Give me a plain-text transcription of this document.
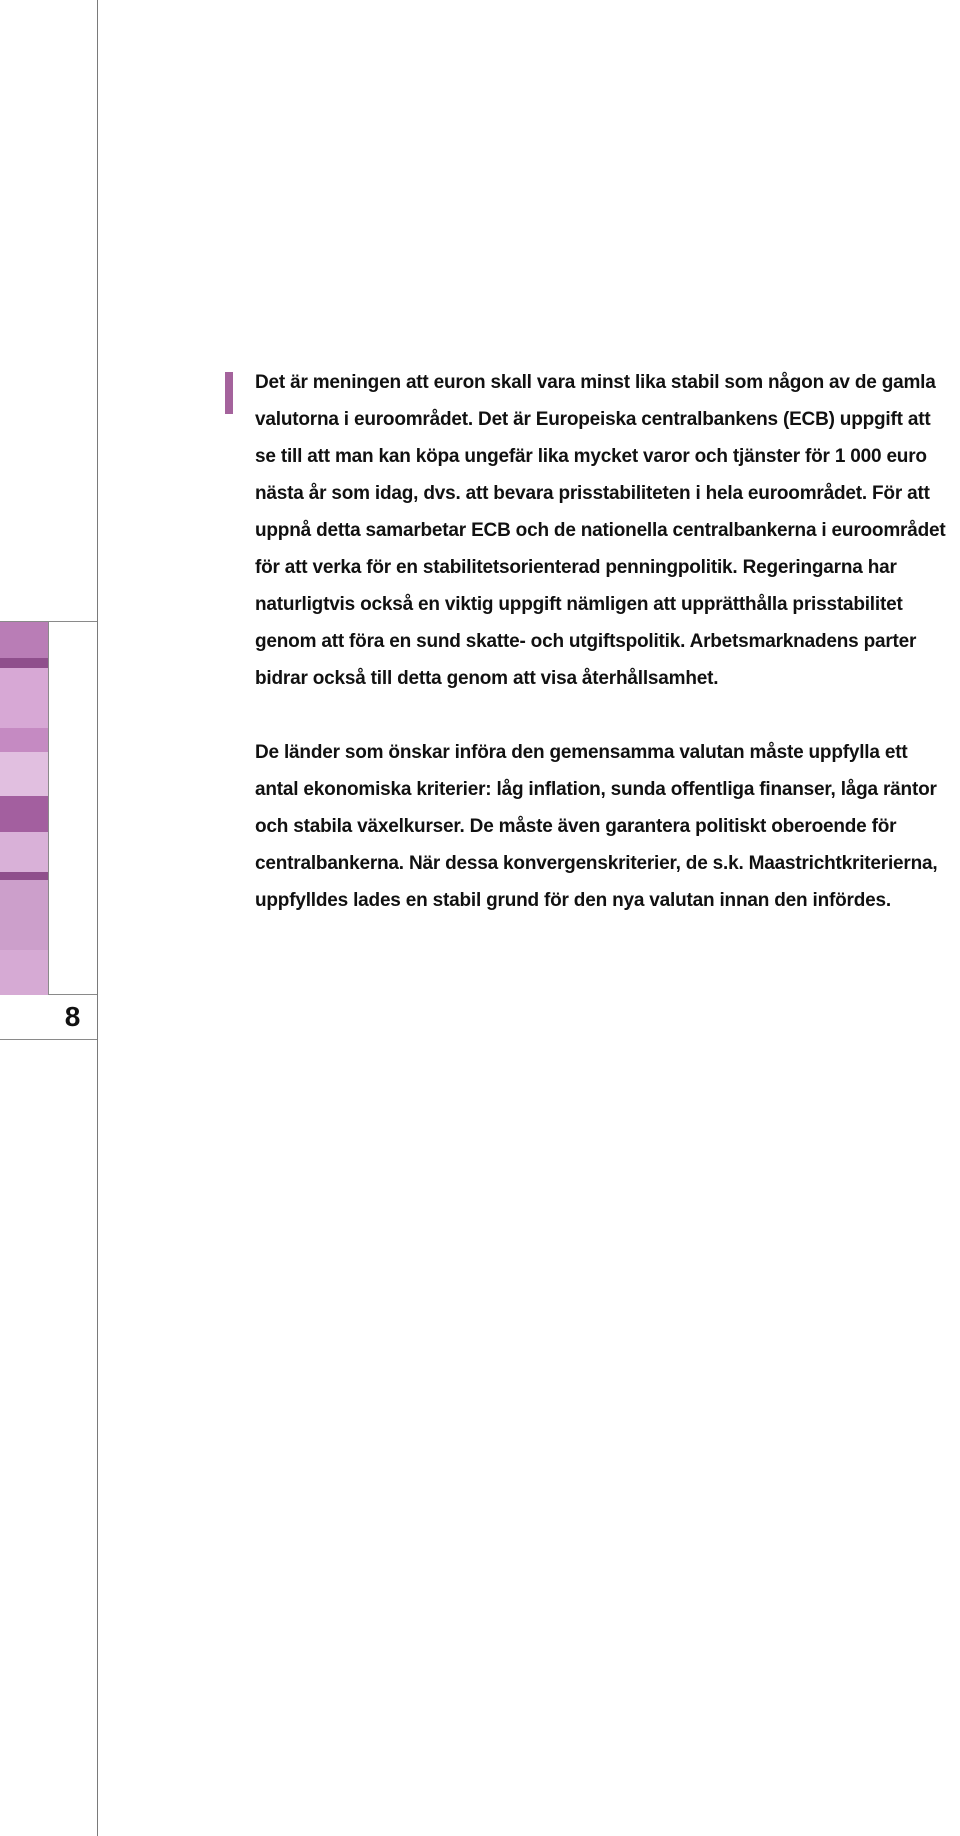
8

Det är meningen att euron skall vara minst lika stabil som någon av de gamla valutorna i euroområdet. Det är Europeiska centralbankens (ECB) uppgift att se till att man kan köpa ungefär lika mycket varor och tjänster för 1 000 euro nästa år som idag, dvs. att bevara prisstabiliteten i hela euroområdet. För att uppnå detta samarbetar ECB och de nationella centralbankerna i euroområdet för att verka för en stabilitetsorienterad penningpolitik. Regeringarna har naturligtvis också en viktig uppgift nämligen att upprätthålla prisstabilitet genom att föra en sund skatte- och utgiftspolitik. Arbetsmarknadens parter bidrar också till detta genom att visa återhållsamhet.

De länder som önskar införa den gemensamma valutan måste uppfylla ett antal ekonomiska kriterier: låg inflation, sunda offentliga finanser, låga räntor och stabila växelkurser. De måste även garantera politiskt oberoende för centralbankerna. När dessa konvergenskriterier, de s.k. Maastrichtkriterierna, uppfylldes lades en stabil grund för den nya valutan innan den infördes.
